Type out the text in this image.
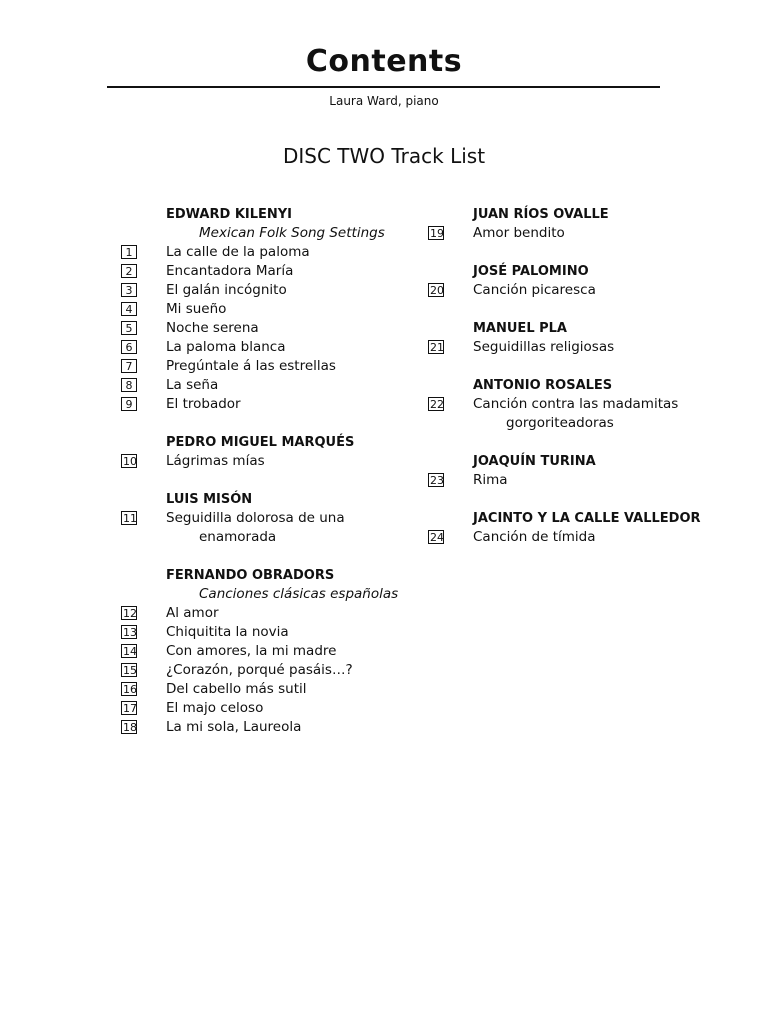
Contents
Laura Ward, piano
DISC TWO Track List
EDWARD KILENYI
Mexican Folk Song Settings
1	La calle de la paloma
2	Encantadora María
3	El galán incógnito
4	Mi sueño
5	Noche serena
6	La paloma blanca
7	Pregúntale á las estrellas
8	La seña
9	El trobador
PEDRO MIGUEL MARQUÉS
10 Lágrimas mías
LUIS MISÓN
11 Seguidilla dolorosa de una
enamorada
FERNANDO OBRADORS
Canciones clásicas españolas
12 Al amor
13 Chiquitita la novia
14 Con amores, la mi madre
15 ¿Corazón, porqué pasáis…?
16 Del cabello más sutil
17 El majo celoso
18 La mi sola, Laureola
JUAN RÍOS OVALLE
19 Amor bendito
JOSÉ PALOMINO
20 Canción picaresca
MANUEL PLA
21 Seguidillas religiosas
ANTONIO ROSALES
22 Canción contra las madamitas
gorgoriteadoras
JOAQUÍN TURINA
23 Rima
JACINTO Y LA CALLE VALLEDOR
24 Canción de tímida
